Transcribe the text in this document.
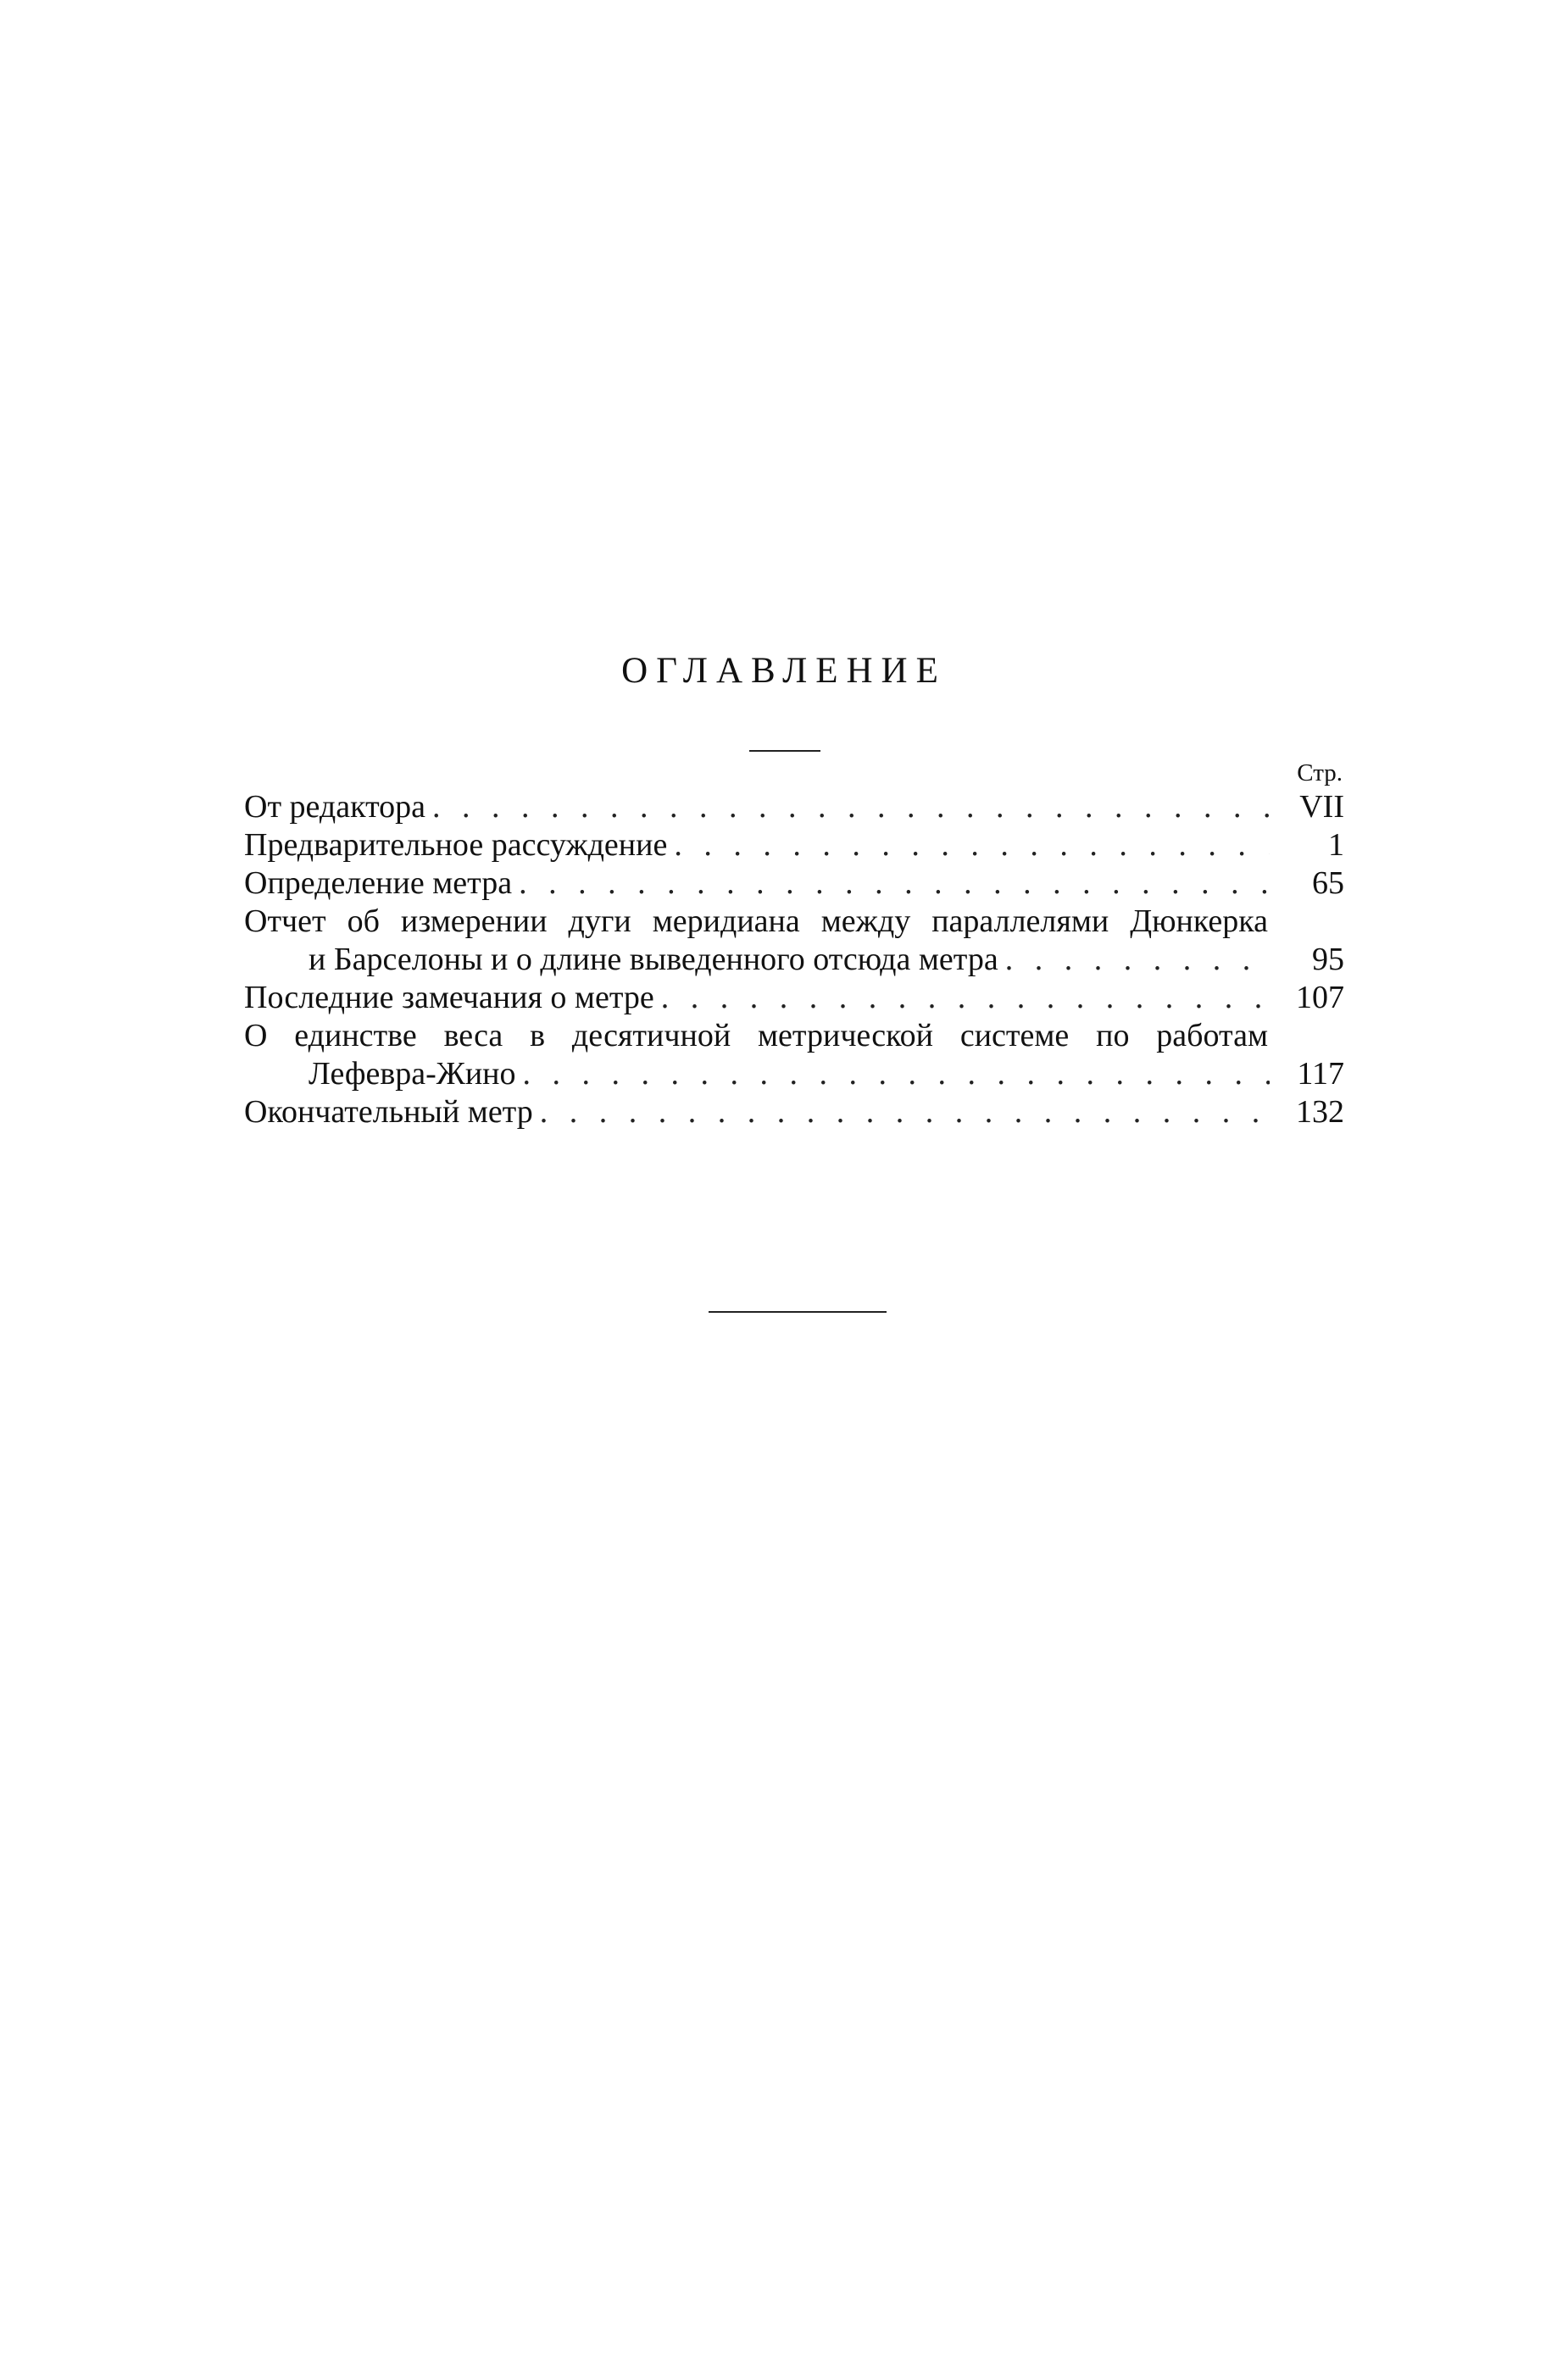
ОГЛАВЛЕНИЕ
Стр.
От редактора . . .	VII
Предварительное рассуждение . . .	1
Определение метра . . .	65
Отчет об измерении дуги меридиана между параллелями Дюнкерка
и Барселоны и о длине выведенного отсюда метра . . .	95
Последние замечания о метре . . .	107
О единстве веса в десятичной метрической системе по работам
Лефевра-Жино . . .	117
Окончательный метр . . .	132
